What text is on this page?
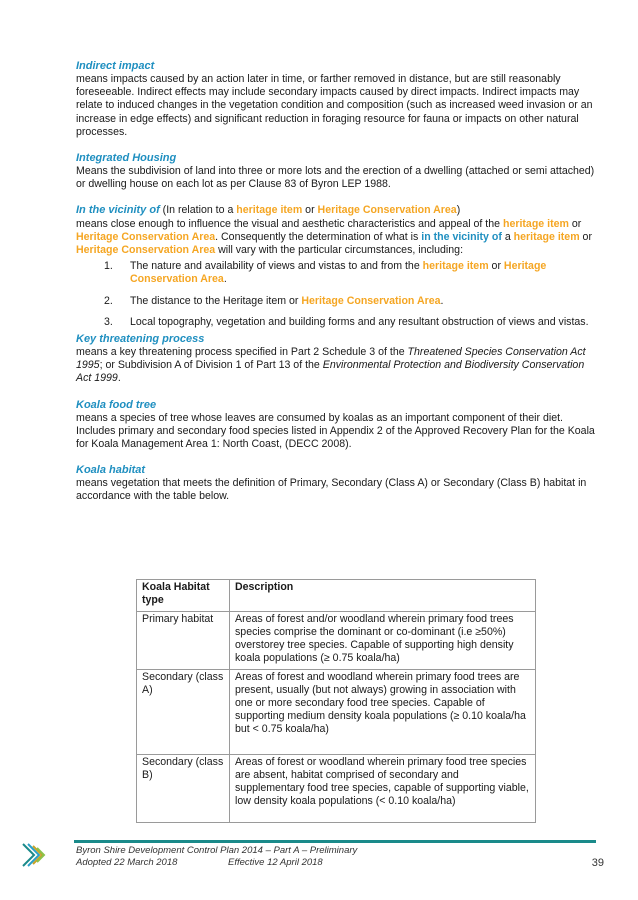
Indirect impact

means impacts caused by an action later in time, or farther removed in distance, but are still reasonably foreseeable. Indirect effects may include secondary impacts caused by direct impacts. Indirect impacts may relate to induced changes in the vegetation condition and composition (such as increased weed invasion or an increase in edge effects) and significant reduction in foraging resource for fauna or impacts on other natural processes.

Integrated Housing

Means the subdivision of land into three or more lots and the erection of a dwelling (attached or semi attached) or dwelling house on each lot as per Clause 83 of Byron LEP 1988.

In the vicinity of (In relation to a heritage item or Heritage Conservation Area)

means close enough to influence the visual and aesthetic characteristics and appeal of the heritage item or Heritage Conservation Area. Consequently the determination of what is in the vicinity of a heritage item or Heritage Conservation Area will vary with the particular circumstances, including:

1. The nature and availability of views and vistas to and from the heritage item or Heritage Conservation Area.
2. The distance to the Heritage item or Heritage Conservation Area.
3. Local topography, vegetation and building forms and any resultant obstruction of views and vistas.

Key threatening process

means a key threatening process specified in Part 2 Schedule 3 of the Threatened Species Conservation Act 1995; or Subdivision A of Division 1 of Part 13 of the Environmental Protection and Biodiversity Conservation Act 1999.

Koala food tree

means a species of tree whose leaves are consumed by koalas as an important component of their diet. Includes primary and secondary food species listed in Appendix 2 of the Approved Recovery Plan for the Koala for Koala Management Area 1: North Coast, (DECC 2008).

Koala habitat

means vegetation that meets the definition of Primary, Secondary (Class A) or Secondary (Class B) habitat in accordance with the table below.

Koala Habitat type	Description
Primary habitat	Areas of forest and/or woodland wherein primary food trees species comprise the dominant or co-dominant (i.e ≥50%) overstorey tree species. Capable of supporting high density koala populations (≥ 0.75 koala/ha)
Secondary (class A)	Areas of forest and woodland wherein primary food trees are present, usually (but not always) growing in association with one or more secondary food tree species. Capable of supporting medium density koala populations (≥ 0.10 koala/ha but < 0.75 koala/ha)
Secondary (class B)	Areas of forest or woodland wherein primary food tree species are absent, habitat comprised of secondary and supplementary food tree species, capable of supporting viable, low density koala populations (< 0.10 koala/ha)
Byron Shire Development Control Plan 2014 – Part A – Preliminary
Adopted 22 March 2018	Effective 12 April 2018	39
